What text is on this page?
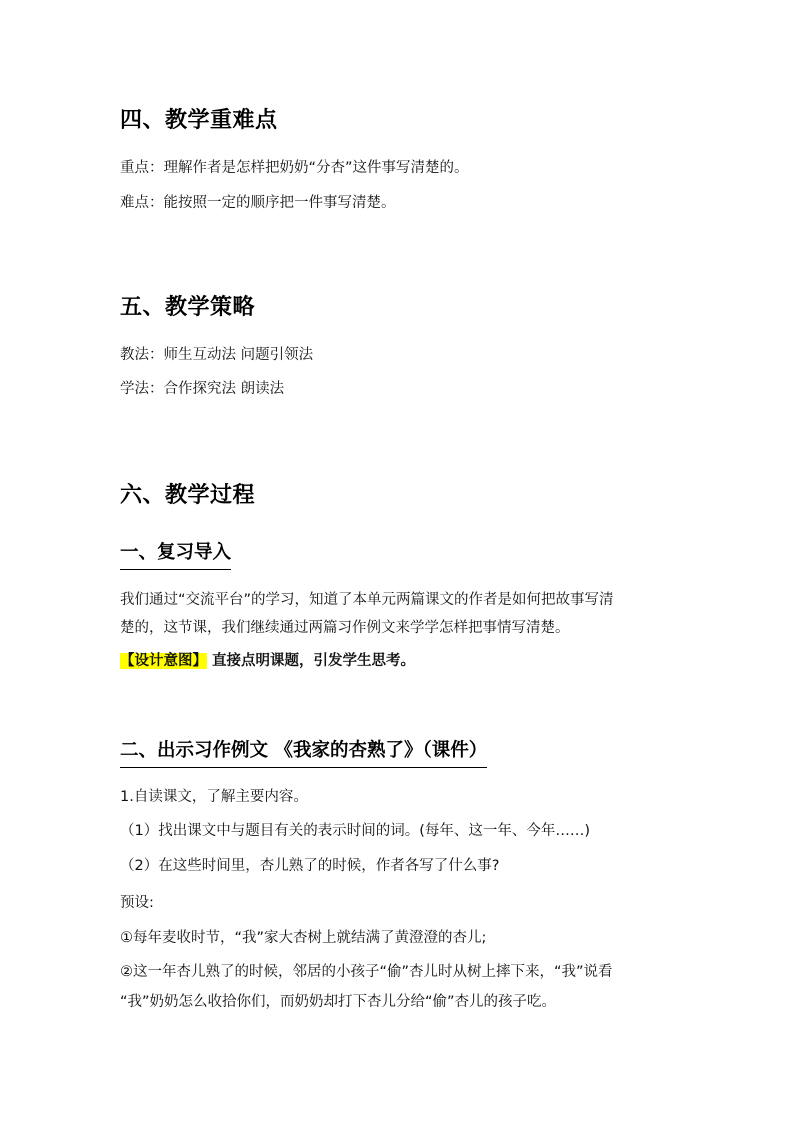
四、教学重难点
重点：理解作者是怎样把奶奶“分杏”这件事写清楚的。
难点：能按照一定的顺序把一件事写清楚。
五、教学策略
教法：师生互动法 问题引领法
学法：合作探究法 朗读法
六、教学过程
一、复习导入
我们通过“交流平台”的学习，知道了本单元两篇课文的作者是如何把故事写清
楚的，这节课，我们继续通过两篇习作例文来学学怎样把事情写清楚。
【设计意图】 直接点明课题，引发学生思考。
二、出示习作例文 《我家的杏熟了》（课件）
1.自读课文，了解主要内容。
（1）找出课文中与题目有关的表示时间的词。(每年、这一年、今年……)
（2）在这些时间里，杏儿熟了的时候，作者各写了什么事?
预设:
①每年麦收时节，“我”家大杏树上就结满了黄澄澄的杏儿;
②这一年杏儿熟了的时候，邻居的小孩子“偷”杏儿时从树上摔下来，“我”说看
“我”奶奶怎么收拾你们，而奶奶却打下杏儿分给“偷”杏儿的孩子吃。
